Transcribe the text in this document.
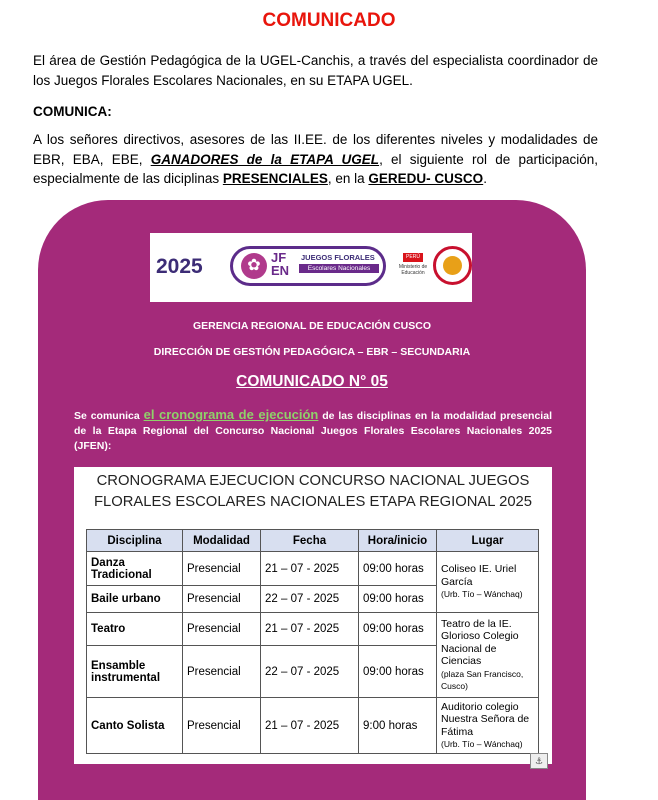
COMUNICADO
El área de Gestión Pedagógica de la UGEL-Canchis, a través del especialista coordinador de los Juegos Florales Escolares Nacionales, en su ETAPA UGEL.
COMUNICA:
A los señores directivos, asesores de las II.EE. de los diferentes niveles y modalidades de EBR, EBA, EBE, GANADORES de la ETAPA UGEL, el siguiente rol de participación, especialmente de las diciplinas PRESENCIALES, en la GEREDU- CUSCO.
2025	✿ JF
EN
JUEGOS FLORALES
Escolares Nacionales
PERÚ
Ministerio de Educación
GERENCIA REGIONAL DE EDUCACIÓN CUSCO
DIRECCIÓN DE GESTIÓN PEDAGÓGICA – EBR – SECUNDARIA
COMUNICADO N° 05
Se comunica el cronograma de ejecución de las disciplinas en la modalidad presencial de la Etapa Regional del Concurso Nacional Juegos Florales Escolares Nacionales 2025 (JFEN):
CRONOGRAMA EJECUCION CONCURSO NACIONAL JUEGOS FLORALES ESCOLARES NACIONALES ETAPA REGIONAL 2025
Disciplina	Modalidad	Fecha	Hora/inicio	Lugar
Danza Tradicional	Presencial	21 – 07 - 2025	09:00 horas	Coliseo IE. Uriel García
(Urb. Tío – Wánchaq)

Baile urbano	Presencial	22 – 07 - 2025	09:00 horas	
Teatro	Presencial	21 – 07 - 2025	09:00 horas	Teatro de la IE. Glorioso Colegio Nacional de Ciencias
(plaza San Francisco, Cusco)

Ensamble instrumental	Presencial	22 – 07 - 2025	09:00 horas	
Canto Solista	Presencial	21 – 07 - 2025	9:00 horas	Auditorio colegio Nuestra Señora de Fátima
(Urb. Tío – Wánchaq)
⚓
